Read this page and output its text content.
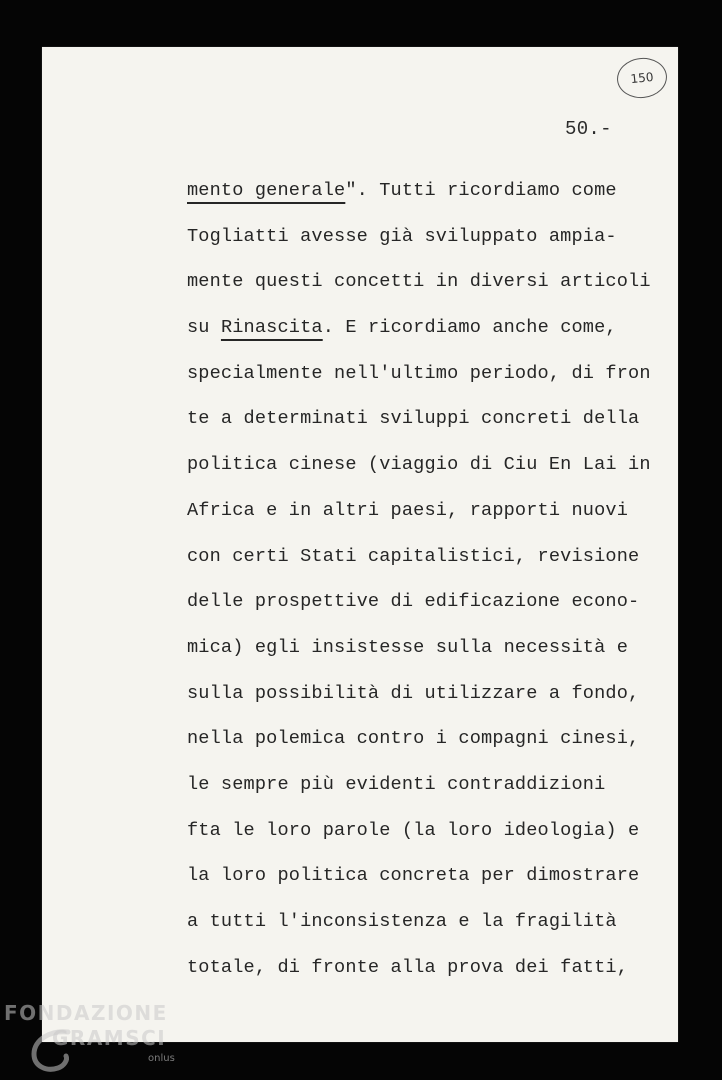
150
50.-
mento generale". Tutti ricordiamo come
Togliatti avesse già sviluppato ampia-
mente questi concetti in diversi articoli
su Rinascita. E ricordiamo anche come,
specialmente nell'ultimo periodo, di fron
te a determinati sviluppi concreti della
politica cinese (viaggio di Ciu En Lai in
Africa e in altri paesi, rapporti nuovi
con certi Stati capitalistici, revisione
delle prospettive di edificazione econo-
mica) egli insistesse sulla necessità e
sulla possibilità di utilizzare a fondo,
nella polemica contro i compagni cinesi,
le sempre più evidenti contraddizioni
fta le loro parole (la loro ideologia) e
la loro politica concreta per dimostrare
a tutti l'inconsistenza e la fragilità
totale, di fronte alla prova dei fatti,
FONDAZIONE
GRAMSCI
onlus
